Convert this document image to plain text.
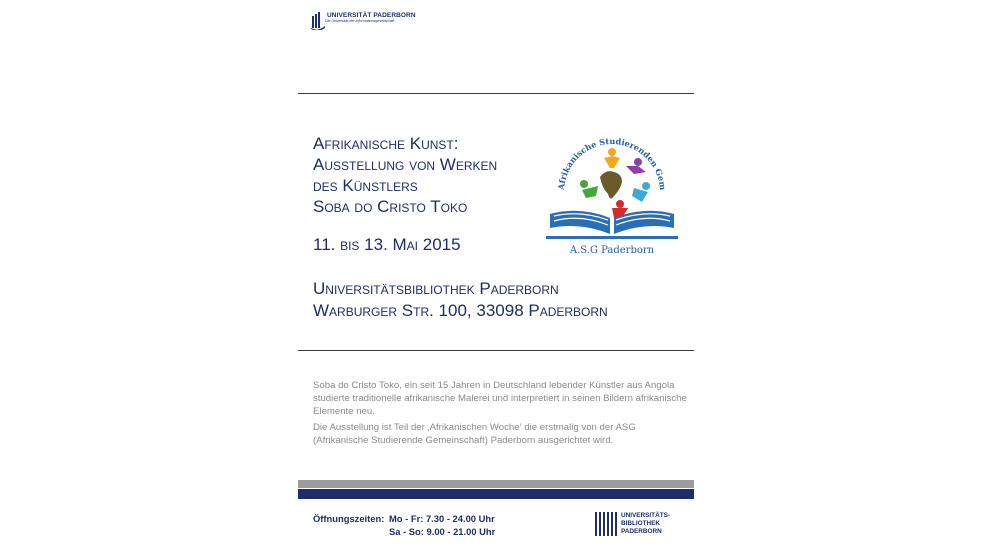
UNIVERSITÄT PADERBORN
Die Universität der Informationsgesellschaft
Afrikanische Kunst:
Ausstellung von Werken
des Künstlers
Soba do Cristo Toko
11. bis 13. Mai 2015
Universitätsbibliothek Paderborn
Warburger Str. 100, 33098 Paderborn
Afrikanische Studierenden Gem
A.S.G Paderborn

Soba do Cristo Toko, ein seit 15 Jahren in Deutschland lebender Künstler aus Angola studierte traditionelle afrikanische Malerei und interpretiert in seinen Bildern afrikanische Elemente neu.

Die Ausstellung ist Teil der ‚Afrikanischen Woche‘ die erstmalig von der ASG (Afrikanische Studierende Gemeinschaft) Paderborn ausgerichtet wird.

Öffnungszeiten: Mo - Fr: 7.30 - 24.00 Uhr
Sa - So: 9.00 - 21.00 Uhr
UNIVERSITÄTS-
BIBLIOTHEK
PADERBORN
